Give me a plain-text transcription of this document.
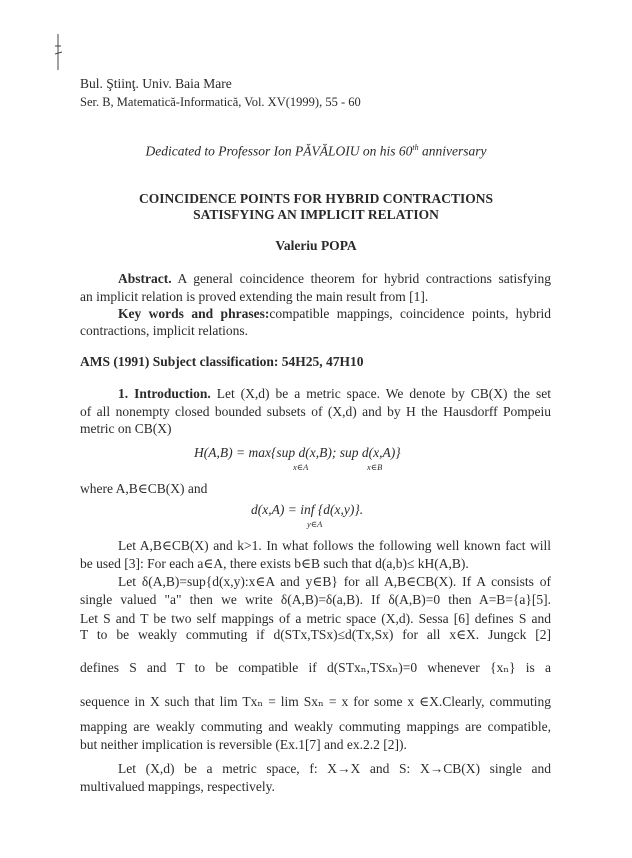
Bul. Ştiinţ. Univ. Baia Mare
Ser. B, Matematică-Informatică, Vol. XV(1999), 55 - 60
Dedicated to Professor Ion PĂVĂLOIU on his 60th anniversary
COINCIDENCE POINTS FOR HYBRID CONTRACTIONS
SATISFYING AN IMPLICIT RELATION
Valeriu POPA
Abstract. A general coincidence theorem for hybrid contractions satisfying
an implicit relation is proved extending the main result from [1].
Key words and phrases:compatible mappings, coincidence points, hybrid
contractions, implicit relations.
AMS (1991) Subject classification: 54H25, 47H10
1. Introduction. Let (X,d) be a metric space. We denote by CB(X) the set
of all nonempty closed bounded subsets of (X,d) and by H the Hausdorff Pompeiu
metric on CB(X)
H(A,B) = max{sup d(x,B); sup d(x,A)}
x∈A	x∈B
where A,B∈CB(X) and
d(x,A) = inf {d(x,y)}.
y∈A
Let A,B∈CB(X) and k>1. In what follows the following well known fact will
be used [3]: For each a∈A, there exists b∈B such that d(a,b)≤ kH(A,B).
Let δ(A,B)=sup{d(x,y):x∈A and y∈B} for all A,B∈CB(X). If A consists of
single valued "a" then we write δ(A,B)=δ(a,B). If δ(A,B)=0 then A=B={a}[5].
Let S and T be two self mappings of a metric space (X,d). Sessa [6] defines S and
T to be weakly commuting if d(STx,TSx)≤d(Tx,Sx) for all x∈X. Jungck [2]
defines S and T to be compatible if d(STxₙ,TSxₙ)=0 whenever {xₙ} is a
sequence in X such that lim Txₙ = lim Sxₙ = x for some x ∈X.Clearly, commuting
mapping are weakly commuting and weakly commuting mappings are compatible,
but neither implication is reversible (Ex.1[7] and ex.2.2 [2]).
Let (X,d) be a metric space, f: X→X and S: X→CB(X) single and
multivalued mappings, respectively.
